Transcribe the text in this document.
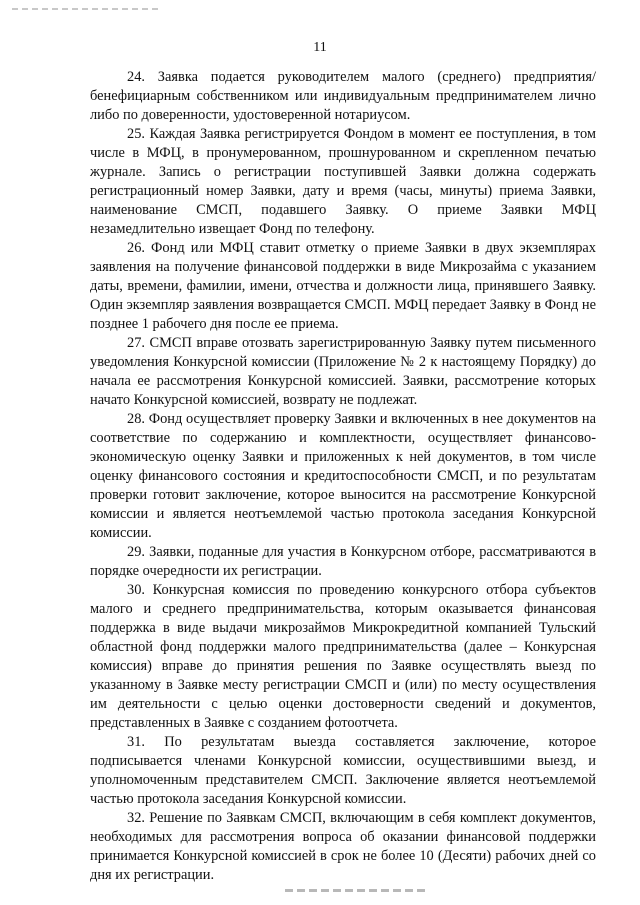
11

24. Заявка подается руководителем малого (среднего) предприятия/бенефициарным собственником или индивидуальным предпринимателем лично либо по доверенности, удостоверенной нотариусом.

25. Каждая Заявка регистрируется Фондом в момент ее поступления, в том числе в МФЦ, в пронумерованном, прошнурованном и скрепленном печатью журнале. Запись о регистрации поступившей Заявки должна содержать регистрационный номер Заявки, дату и время (часы, минуты) приема Заявки, наименование СМСП, подавшего Заявку. О приеме Заявки МФЦ незамедлительно извещает Фонд по телефону.

26. Фонд или МФЦ ставит отметку о приеме Заявки в двух экземплярах заявления на получение финансовой поддержки в виде Микрозайма с указанием даты, времени, фамилии, имени, отчества и должности лица, принявшего Заявку. Один экземпляр заявления возвращается СМСП. МФЦ передает Заявку в Фонд не позднее 1 рабочего дня после ее приема.

27. СМСП вправе отозвать зарегистрированную Заявку путем письменного уведомления Конкурсной комиссии (Приложение № 2 к настоящему Порядку) до начала ее рассмотрения Конкурсной комиссией. Заявки, рассмотрение которых начато Конкурсной комиссией, возврату не подлежат.

28. Фонд осуществляет проверку Заявки и включенных в нее документов на соответствие по содержанию и комплектности, осуществляет финансово-экономическую оценку Заявки и приложенных к ней документов, в том числе оценку финансового состояния и кредитоспособности СМСП, и по результатам проверки готовит заключение, которое выносится на рассмотрение Конкурсной комиссии и является неотъемлемой частью протокола заседания Конкурсной комиссии.

29. Заявки, поданные для участия в Конкурсном отборе, рассматриваются в порядке очередности их регистрации.

30. Конкурсная комиссия по проведению конкурсного отбора субъектов малого и среднего предпринимательства, которым оказывается финансовая поддержка в виде выдачи микрозаймов Микрокредитной компанией Тульский областной фонд поддержки малого предпринимательства (далее – Конкурсная комиссия) вправе до принятия решения по Заявке осуществлять выезд по указанному в Заявке месту регистрации СМСП и (или) по месту осуществления им деятельности с целью оценки достоверности сведений и документов, представленных в Заявке с созданием фотоотчета.

31. По результатам выезда составляется заключение, которое подписывается членами Конкурсной комиссии, осуществившими выезд, и уполномоченным представителем СМСП. Заключение является неотъемлемой частью протокола заседания Конкурсной комиссии.

32. Решение по Заявкам СМСП, включающим в себя комплект документов, необходимых для рассмотрения вопроса об оказании финансовой поддержки принимается Конкурсной комиссией в срок не более 10 (Десяти) рабочих дней со дня их регистрации.
